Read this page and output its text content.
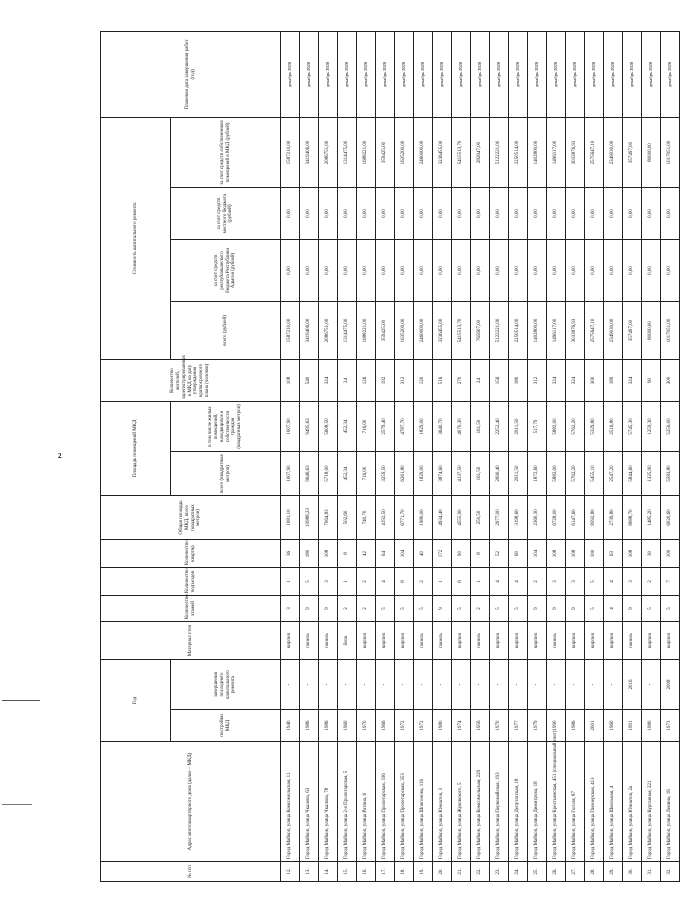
2
№ п/п	Адрес многоквартирного дома (далее – МКД)	Год		Материал стен	Количество этажей	Количество подъездов	Количество квартир	Общая площадь МКД, всего (квадратных метров)	Площадь помещений МКД		Количество жителей, зарегистрированных в МКД на дату утверждения краткосрочного плана (человек)	Стоимость капитального ремонта				Плановая дата завершения работ (год)
		постройки МКД	завершения последнего капитального ремонта						всего (квадратных метров)	в том числе жилых помещений, находящихся в собственности граждан (квадратных метров)		всего (рублей)	за счет средств республиканского бюджета Республики Адыгея (рублей)	за счет средств местного бюджета (рублей)	за счет средств собственников помещений в МКД (рублей)	
12.	Город Майкоп, улица Комсомольская, 11	1940	-	кирпич	3	1	36	1081,10	1007,90	1007,90	108	1587210,00	0,00	0,00	1587210,00	декабрь 2020
13.	Город Майкоп, улица Чкалова, 63	1986	-	панель	9	5	180	10988,23	9646,63	9495,63	540	3419406,00	0,00	0,00	3419406,00	декабрь 2020
14.	Город Майкоп, улица Чкалова, 78	1986	-	панель	9	3	108	7064,83	5718,00	5608,50	324	2086751,00	0,00	0,00	2086751,00	декабрь 2020
15.	Город Майкоп, улица 2-я Пролетарская, 5	1960	-	блок	2	1	8	502,60	452,34	452,34	24	1314475,00	0,00	0,00	1314475,00	декабрь 2020
16.	Город Майкоп, улица Ратина, 6	1970	-	кирпич	2	2	42	740,70	716,00	716,00	126	1688221,00	0,00	0,00	1688221,00	декабрь 2020
17.	Город Майкоп, улица Пролетарская, 336	1966	-	кирпич	5	4	64	4192,50	3259,50	2579,40	192	359425,00	0,00	0,00	359425,00	декабрь 2020
18.	Город Майкоп, улица Пролетарская, 353	1972	-	кирпич	5	8	104	6771,70	6261,80	4787,70	312	1635200,00	0,00	0,00	1635200,00	декабрь 2020
19.	Город Майкоп, улица Шовгенова, 116	1972	-	панель	5	2	40	1980,00	1829,00	1829,00	120	2460000,00	0,00	0,00	2460000,00	декабрь 2020
20.	Город Майкоп, улица Юннатов, 3	1980	-	панель	9	1	172	4934,40	3874,60	3640,70	516	3236455,00	0,00	0,00	3236455,00	декабрь 2020
21.	Город Майкоп, улица Жуковского, 5	1974	-	кирпич	5	6	90	4555,90	4137,50	4070,30	270	5415513,70	0,00	0,00	5415513,70	декабрь 2020
22.	Город Майкоп, улица Комсомольская, 229	1956	-	панель	2	1	8	250,50	161,50	161,50	24	765607,00	0,00	0,00	282647,00	декабрь 2020
23.	Город Майкоп, улица Первомайская, 193	1970	-	кирпич	5	4	52	2977,00	2690,40	2252,40	156	5122221,00	0,00	0,00	5122221,00	декабрь 2020
24.	Город Майкоп, улица Депутатская, 18	1977	-	кирпич	5	4	60	3198,60	2911,50	2911,50	180	2250514,00	0,00	0,00	2250514,00	декабрь 2020
25.	Город Майкоп, улица Димитрова, 18	1979	-	кирпич	9	2	104	2360,30	1872,60	517,79	312	1402800,00	0,00	0,00	1402800,00	декабрь 2020
26.	Город Майкоп, улица Крестьянская, 451 (специальный счет)	1990	-	панель	9	3	108	6728,00	5882,00	5882,00	324	1496117,00	0,00	0,00	1496117,00	декабрь 2020
27.	Город Майкоп, улица Гоголя, 87	1986	-	кирпич	9	3	108	6147,60	5762,20	5762,20	324	3033876,93	0,00	0,00	3033876,93	декабрь 2020
28.	Город Майкоп, улица Пионерская, 413	2001	-	кирпич	5	5	100	8592,80	5455,10	5329,80	300	2575647,10	0,00	0,00	2575647,10	декабрь 2020
29.	Город Майкоп, улица Школьная, 4	1960	-	кирпич	4	4	63	2739,80	2547,20	2516,80	189	2349030,00	0,00	0,00	2349030,00	декабрь 2020
30.	Город Майкоп, улица Юннатов, 2а	1991	2016	панель	9	3	108	8088,70	5844,60	5745,30	324	357497,00	0,00	0,00	357497,00	декабрь 2020
31.	Город Майкоп, улица Курганная, 221	1980	-	кирпич	5	2	30	1485,20	1325,90	1259,30	90	80000,00	0,00	0,00	80000,00	декабрь 2020
32.	Город Майкоп, улица Ленина, 16	1973	2008	кирпич	5	7	100	6020,60	5583,80	5256,00	300	1017051,00	0,00	0,00	1017051,00	декабрь 2020
